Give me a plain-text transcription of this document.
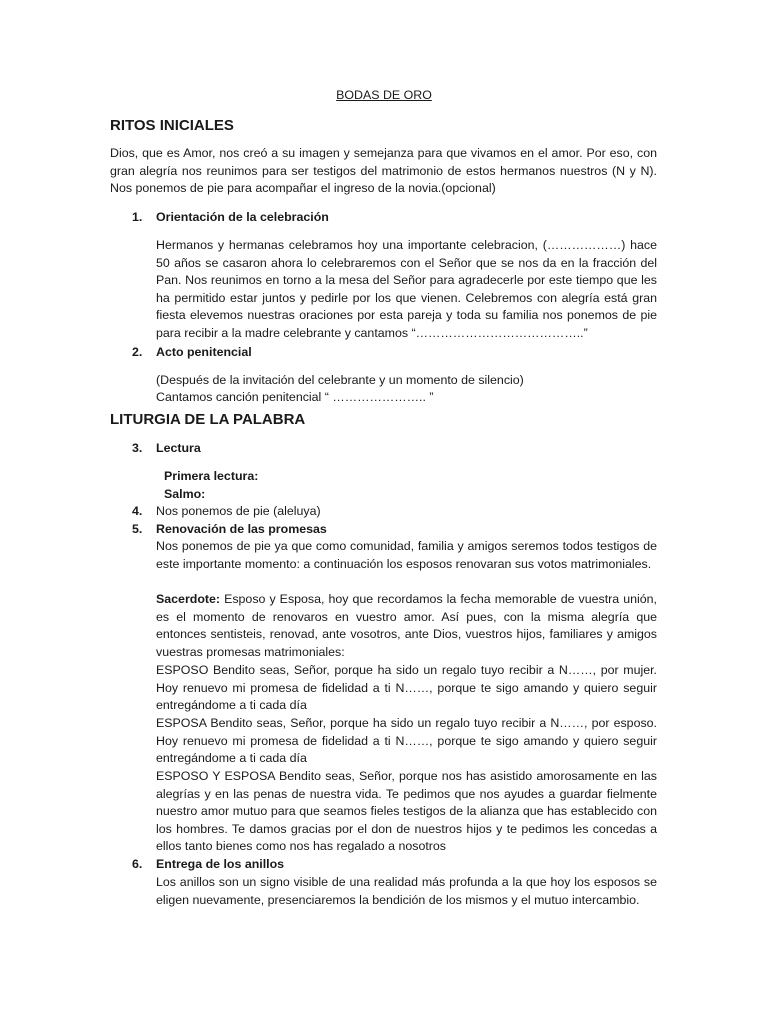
BODAS DE ORO
RITOS INICIALES
Dios, que es Amor, nos creó a su imagen y semejanza para que vivamos en el amor. Por eso, con gran alegría nos reunimos para ser testigos del matrimonio de estos hermanos nuestros (N y N). Nos ponemos de pie para acompañar el ingreso de la novia.(opcional)
1.	Orientación de la celebración
Hermanos y hermanas celebramos hoy una importante celebracion, (………………) hace 50 años se casaron ahora lo celebraremos con el Señor que se nos da en la fracción del Pan. Nos reunimos en torno a la mesa del Señor para agradecerle por este tiempo que les ha permitido estar juntos y pedirle por los que vienen. Celebremos con alegría está gran fiesta elevemos nuestras oraciones por esta pareja y toda su familia nos ponemos de pie para recibir a la madre celebrante y cantamos “…………………………………..”
2.	Acto penitencial
(Después de la invitación del celebrante y un momento de silencio)
Cantamos canción penitencial “ ………………….. ”
LITURGIA DE LA PALABRA
3.	Lectura
Primera lectura:
Salmo:
4.	Nos ponemos de pie (aleluya)
5.	Renovación de las promesas
Nos ponemos de pie ya que como comunidad, familia y amigos seremos todos testigos de este importante momento: a continuación los esposos renovaran sus votos matrimoniales.
Sacerdote: Esposo y Esposa, hoy que recordamos la fecha memorable de vuestra unión, es el momento de renovaros en vuestro amor. Así pues, con la misma alegría que entonces sentisteis, renovad, ante vosotros, ante Dios, vuestros hijos, familiares y amigos vuestras promesas matrimoniales:
ESPOSO Bendito seas, Señor, porque ha sido un regalo tuyo recibir a N……, por mujer. Hoy renuevo mi promesa de fidelidad a ti N……, porque te sigo amando y quiero seguir entregándome a ti cada día
ESPOSA Bendito seas, Señor, porque ha sido un regalo tuyo recibir a N……, por esposo. Hoy renuevo mi promesa de fidelidad a ti N……, porque te sigo amando y quiero seguir entregándome a ti cada día
ESPOSO Y ESPOSA Bendito seas, Señor, porque nos has asistido amorosamente en las alegrías y en las penas de nuestra vida. Te pedimos que nos ayudes a guardar fielmente nuestro amor mutuo para que seamos fieles testigos de la alianza que has establecido con los hombres. Te damos gracias por el don de nuestros hijos y te pedimos les concedas a ellos tanto bienes como nos has regalado a nosotros
6.	Entrega de los anillos
Los anillos son un signo visible de una realidad más profunda a la que hoy los esposos se eligen nuevamente, presenciaremos la bendición de los mismos y el mutuo intercambio.
